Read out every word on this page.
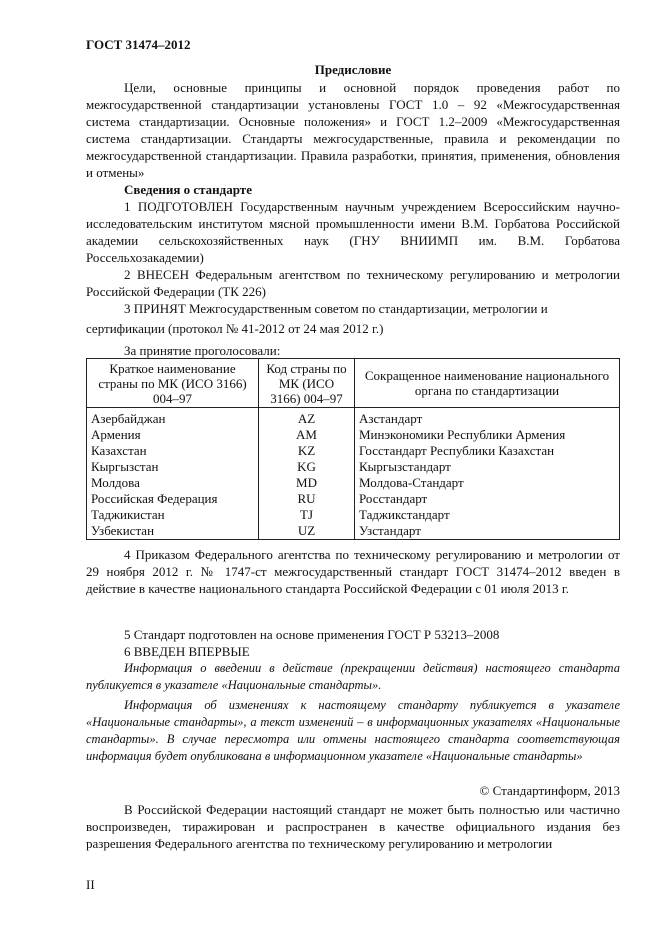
ГОСТ 31474–2012
Предисловие
Цели, основные принципы и основной порядок проведения работ по межгосударственной стандартизации установлены ГОСТ 1.0 – 92 «Межгосударственная система стандартизации. Основные положения» и ГОСТ 1.2–2009 «Межгосударственная система стандартизации. Стандарты межгосударственные, правила и рекомендации по межгосударственной стандартизации. Правила разработки, принятия, применения, обновления и отмены»
Сведения о стандарте
1 ПОДГОТОВЛЕН Государственным научным учреждением Всероссийским научно-исследовательским институтом мясной промышленности имени В.М. Горбатова Российской академии сельскохозяйственных наук (ГНУ ВНИИМП им. В.М. Горбатова Россельхозакадемии)
2 ВНЕСЕН Федеральным агентством по техническому регулированию и метрологии Российской Федерации (ТК 226)
3 ПРИНЯТ Межгосударственным советом по стандартизации, метрологии и
сертификации (протокол № 41-2012 от 24 мая 2012 г.)
За принятие проголосовали:
Краткое наименование страны по МК (ИСО 3166) 004–97	Код страны по МК (ИСО 3166) 004–97	Сокращенное наименование национального органа по стандартизации
Азербайджан	AZ	Азстандарт
Армения	AM	Минэкономики Республики Армения
Казахстан	KZ	Госстандарт Республики Казахстан
Кыргызстан	KG	Кыргызстандарт
Молдова	MD	Молдова-Стандарт
Российская Федерация	RU	Росстандарт
Таджикистан	TJ	Таджикстандарт
Узбекистан	UZ	Узстандарт
4 Приказом Федерального агентства по техническому регулированию и метрологии от 29 ноября 2012 г. № 1747-ст межгосударственный стандарт ГОСТ 31474–2012 введен в действие в качестве национального стандарта Российской Федерации с 01 июля 2013 г.
5 Стандарт подготовлен на основе применения ГОСТ Р 53213–2008
6 ВВЕДЕН ВПЕРВЫЕ
Информация о введении в действие (прекращении действия) настоящего стандарта публикуется в указателе «Национальные стандарты».
Информация об изменениях к настоящему стандарту публикуется в указателе «Национальные стандарты», а текст изменений – в информационных указателях «Национальные стандарты». В случае пересмотра или отмены настоящего стандарта соответствующая информация будет опубликована в информационном указателе «Национальные стандарты»
© Стандартинформ, 2013
В Российской Федерации настоящий стандарт не может быть полностью или частично воспроизведен, тиражирован и распространен в качестве официального издания без разрешения Федерального агентства по техническому регулированию и метрологии
II
